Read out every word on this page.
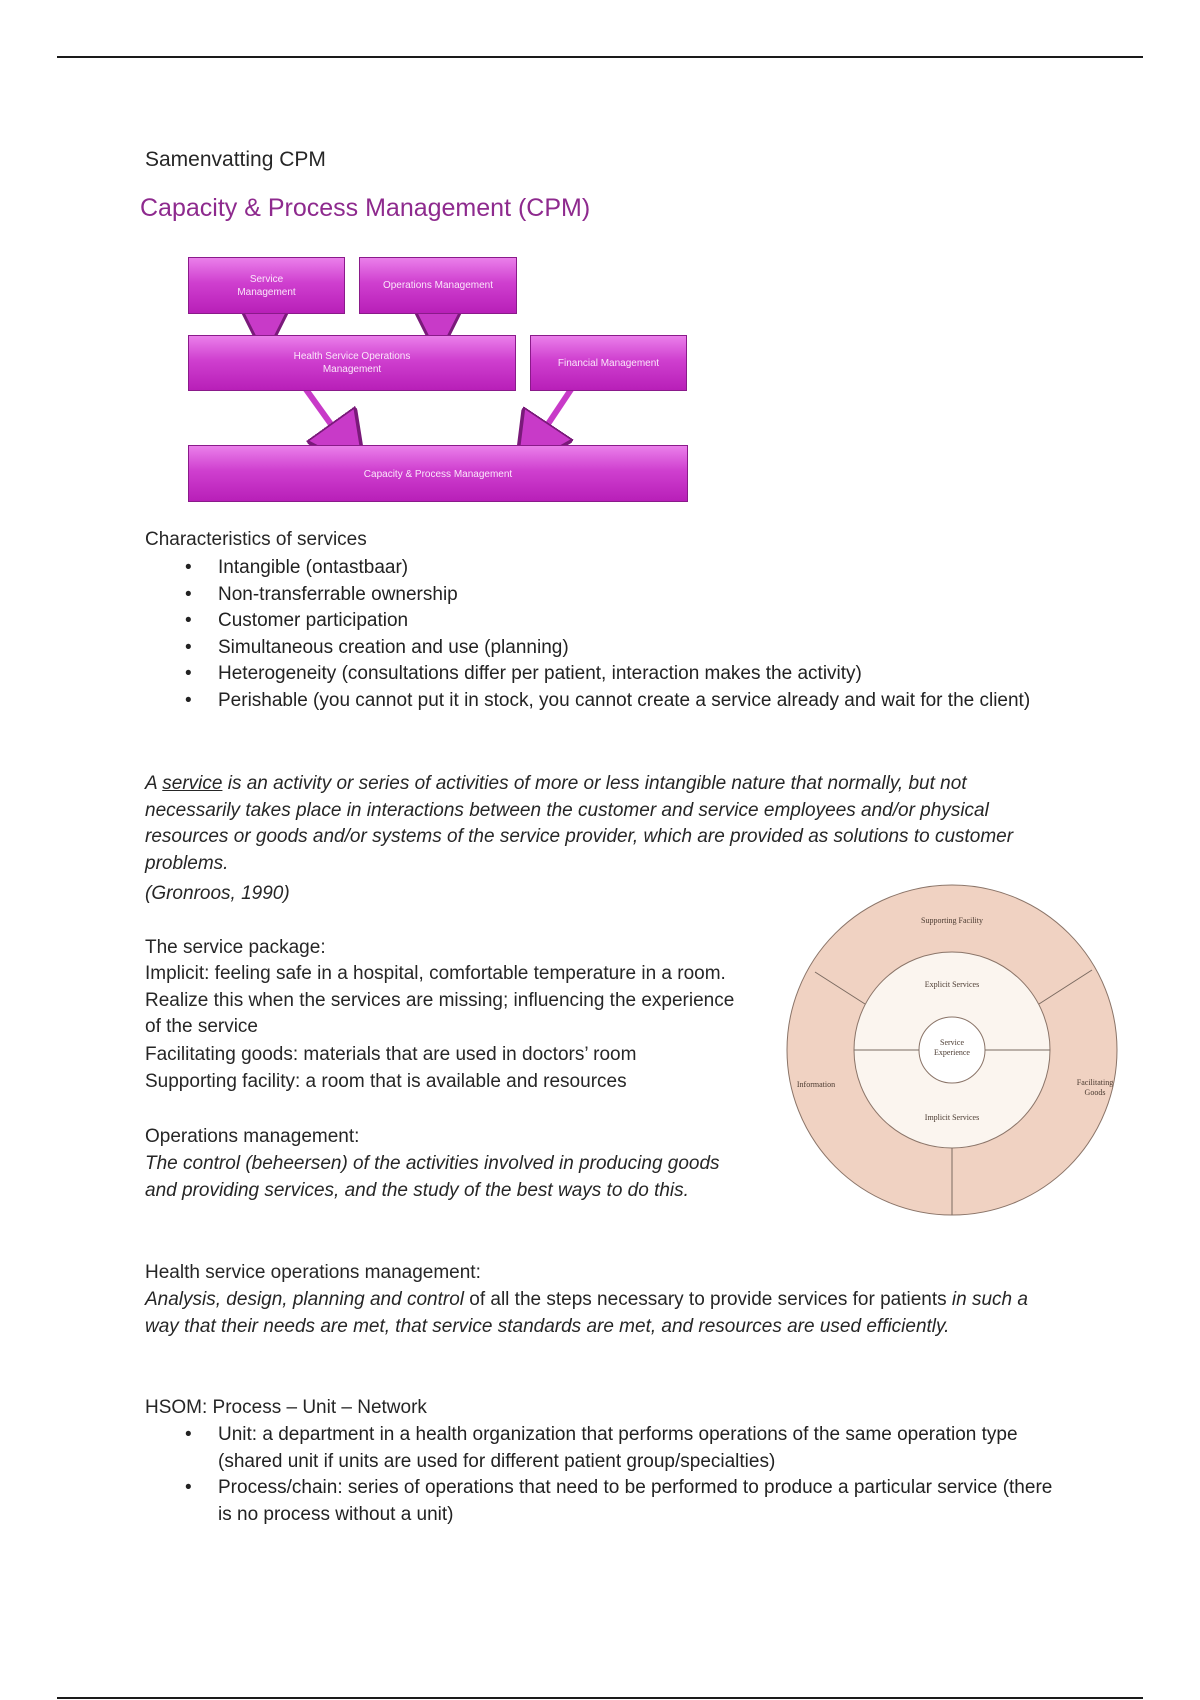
Samenvatting CPM
Capacity & Process Management (CPM)
Service Management
Operations Management
Health Service Operations Management
Financial Management
Capacity & Process Management
Characteristics of services
• Intangible (ontastbaar)
• Non-transferrable ownership
• Customer participation
• Simultaneous creation and use (planning)
• Heterogeneity (consultations differ per patient, interaction makes the activity)
• Perishable (you cannot put it in stock, you cannot create a service already and wait for the client)
A service is an activity or series of activities of more or less intangible nature that normally, but not necessarily takes place in interactions between the customer and service employees and/or physical resources or goods and/or systems of the service provider, which are provided as solutions to customer problems.
(Gronroos, 1990)
The service package:
Implicit: feeling safe in a hospital, comfortable temperature in a room. Realize this when the services are missing; influencing the experience of the service
Facilitating goods: materials that are used in doctors’ room
Supporting facility: a room that is available and resources
Supporting Facility
Explicit Services
Service Experience
Implicit Services
Information	Facilitating Goods
Operations management:
The control (beheersen) of the activities involved in producing goods and providing services, and the study of the best ways to do this.
Health service operations management:
Analysis, design, planning and control of all the steps necessary to provide services for patients in such a way that their needs are met, that service standards are met, and resources are used efficiently.
HSOM: Process – Unit – Network
• Unit: a department in a health organization that performs operations of the same operation type (shared unit if units are used for different patient group/specialties)
• Process/chain: series of operations that need to be performed to produce a particular service (there is no process without a unit)
